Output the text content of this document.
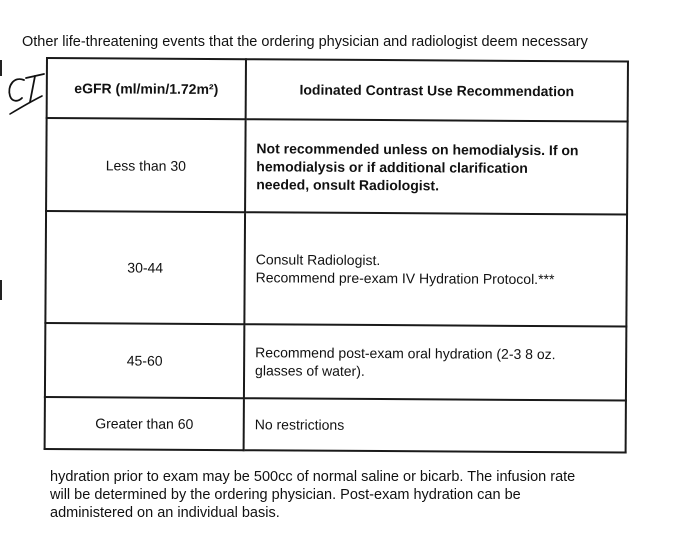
Other life-threatening events that the ordering physician and radiologist deem necessary
eGFR (ml/min/1.72m²)	Iodinated Contrast Use Recommendation
Less than 30	Not recommended unless on hemodialysis. If on
hemodialysis or if additional clarification
needed, onsult Radiologist.

30-44	Consult Radiologist.
Recommend pre-exam IV Hydration Protocol.***

45-60	Recommend post-exam oral hydration (2-3 8 oz.
glasses of water).

Greater than 60	No restrictions
hydration prior to exam may be 500cc of normal saline or bicarb. The infusion rate
will be determined by the ordering physician. Post-exam hydration can be
administered on an individual basis.
